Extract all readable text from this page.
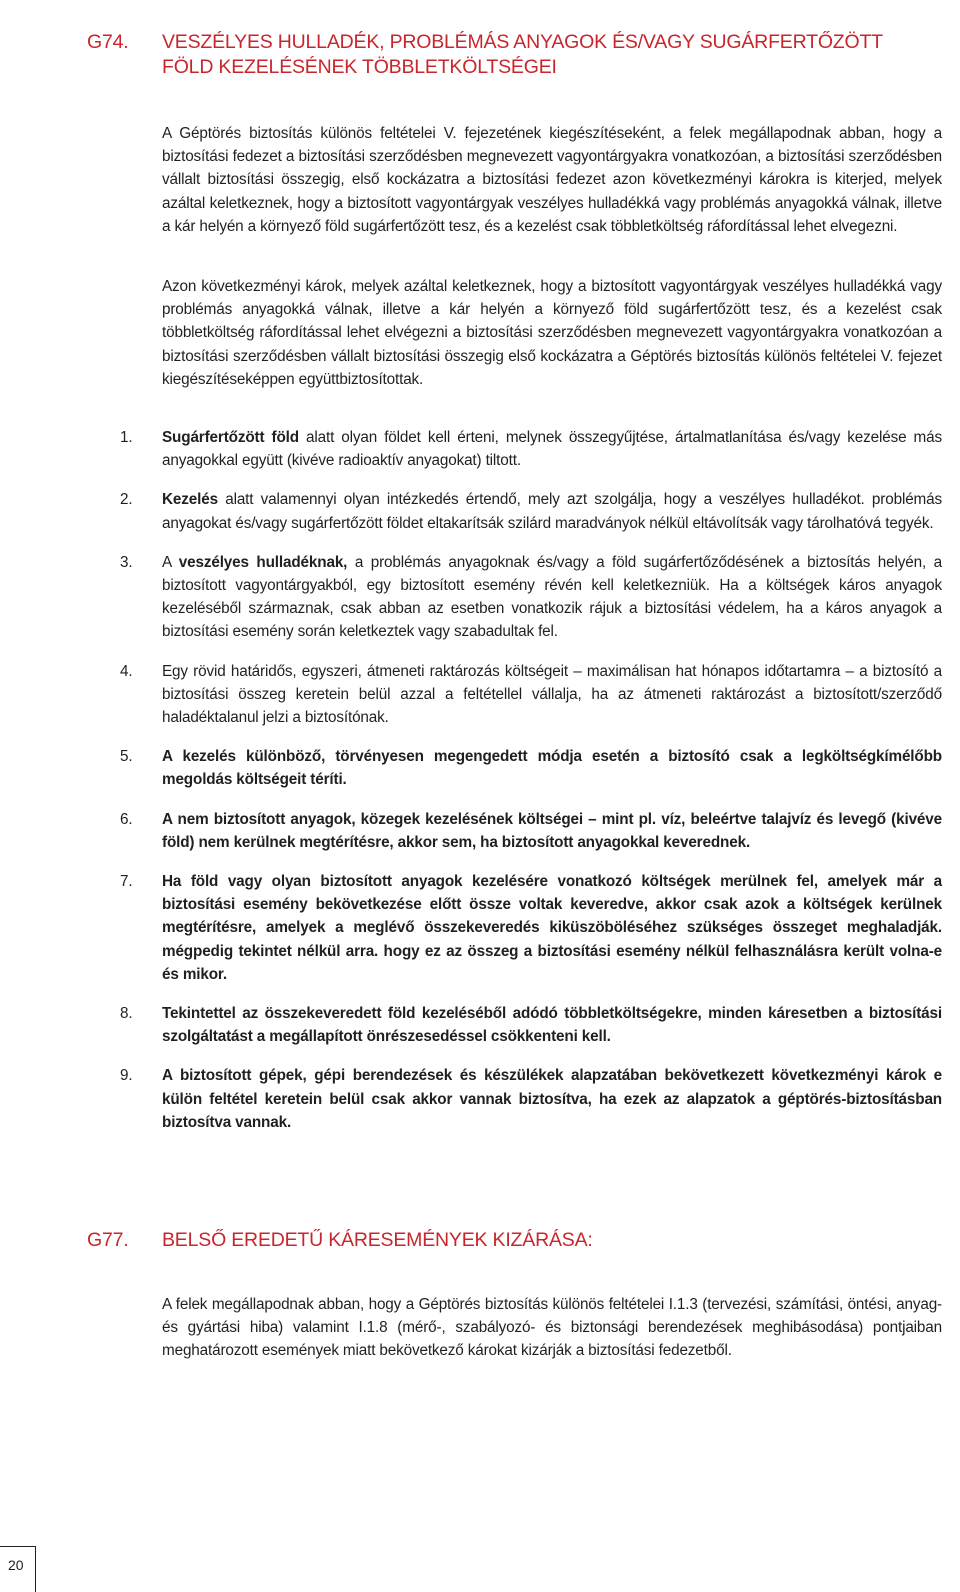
G74. VESZÉLYES HULLADÉK, PROBLÉMÁS ANYAGOK ÉS/VAGY SUGÁRFERTŐZÖTT
FÖLD KEZELÉSÉNEK TÖBBLETKÖLTSÉGEI

A Géptörés biztosítás különös feltételei V. fejezetének kiegészítéseként, a felek megállapodnak abban, hogy a biztosítási fedezet a biztosítási szerződésben megnevezett vagyontárgyakra vonatkozóan, a biztosítási szerződésben vállalt biztosítási összegig, első kockázatra a biztosítási fedezet azon következményi károkra is kiterjed, melyek azáltal keletkeznek, hogy a biztosított vagyontárgyak veszélyes hulladékká vagy problémás anyagokká válnak, illetve a kár helyén a környező föld sugárfertőzött tesz, és a kezelést csak többletköltség ráfordítással lehet elvegezni.

Azon következményi károk, melyek azáltal keletkeznek, hogy a biztosított vagyontárgyak veszélyes hulladékká vagy problémás anyagokká válnak, illetve a kár helyén a környező föld sugárfertőzött tesz, és a kezelést csak többletköltség ráfordítással lehet elvégezni a biztosítási szerződésben megnevezett vagyontárgyakra vonatkozóan a biztosítási szerződésben vállalt biztosítási összegig első kockázatra a Géptörés biztosítás különös feltételei V. fejezet kiegészítéseképpen együttbiztosítottak.

1. Sugárfertőzött föld alatt olyan földet kell érteni, melynek összegyűjtése, ártalmatlanítása és/vagy kezelése más anyagokkal együtt (kivéve radioaktív anyagokat) tiltott.
2. Kezelés alatt valamennyi olyan intézkedés értendő, mely azt szolgálja, hogy a veszélyes hulladékot. problémás anyagokat és/vagy sugárfertőzött földet eltakarítsák szilárd maradványok nélkül eltávolítsák vagy tárolhatóvá tegyék.
3. A veszélyes hulladéknak, a problémás anyagoknak és/vagy a föld sugárfertőződésének a biztosítás helyén, a biztosított vagyontárgyakból, egy biztosított esemény révén kell keletkezniük. Ha a költségek káros anyagok kezeléséből származnak, csak abban az esetben vonatkozik rájuk a biztosítási védelem, ha a káros anyagok a biztosítási esemény során keletkeztek vagy szabadultak fel.
4. Egy rövid határidős, egyszeri, átmeneti raktározás költségeit – maximálisan hat hónapos időtartamra – a biztosító a biztosítási összeg keretein belül azzal a feltétellel vállalja, ha az átmeneti raktározást a biztosított/szerződő haladéktalanul jelzi a biztosítónak.
5. A kezelés különböző, törvényesen megengedett módja esetén a biztosító csak a legköltségkímélőbb megoldás költségeit téríti.
6. A nem biztosított anyagok, közegek kezelésének költségei – mint pl. víz, beleértve talajvíz és levegő (kivéve föld) nem kerülnek megtérítésre, akkor sem, ha biztosított anyagokkal keverednek.
7. Ha föld vagy olyan biztosított anyagok kezelésére vonatkozó költségek merülnek fel, amelyek már a biztosítási esemény bekövetkezése előtt össze voltak keveredve, akkor csak azok a költségek kerülnek megtérítésre, amelyek a meglévő összekeveredés kiküszöböléséhez szükséges összeget meghaladják. mégpedig tekintet nélkül arra. hogy ez az összeg a biztosítási esemény nélkül felhasználásra került volna-e és mikor.
8. Tekintettel az összekeveredett föld kezeléséből adódó többletköltségekre, minden káresetben a biztosítási szolgáltatást a megállapított önrészesedéssel csökkenteni kell.
9. A biztosított gépek, gépi berendezések és készülékek alapzatában bekövetkezett következményi károk e külön feltétel keretein belül csak akkor vannak biztosítva, ha ezek az alapzatok a géptörés-biztosításban biztosítva vannak.
G77. BELSŐ EREDETŰ KÁRESEMÉNYEK KIZÁRÁSA:

A felek megállapodnak abban, hogy a Géptörés biztosítás különös feltételei I.1.3 (tervezési, számítási, öntési, anyag- és gyártási hiba) valamint I.1.8 (mérő-, szabályozó- és biztonsági berendezések meghibásodása) pontjaiban meghatározott események miatt bekövetkező károkat kizárják a biztosítási fedezetből.

20
